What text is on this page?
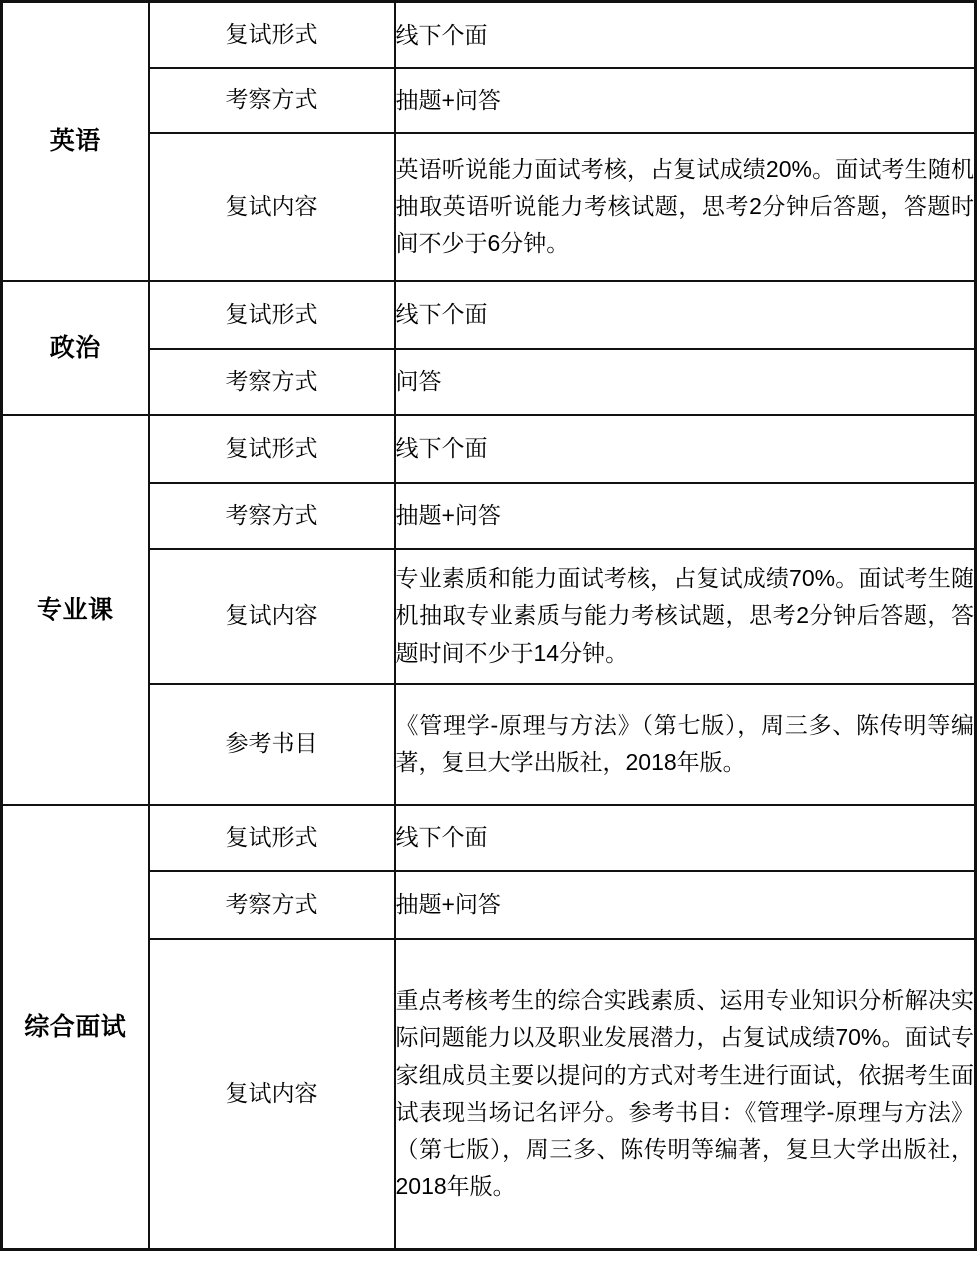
英语	复试形式	线下个面
	考察方式	抽题+问答
	复试内容	英语听说能力面试考核，占复试成绩20%。面试考生随机抽取英语听说能力考核试题，思考2分钟后答题，答题时间不少于6分钟。

政治	复试形式	线下个面
	考察方式	问答
专业课	复试形式	线下个面
	考察方式	抽题+问答
	复试内容	专业素质和能力面试考核，占复试成绩70%。面试考生随机抽取专业素质与能力考核试题，思考2分钟后答题，答题时间不少于14分钟。

	参考书目	《管理学-原理与方法》（第七版），周三多、陈传明等编著，复旦大学出版社，2018年版。

综合面试	复试形式	线下个面
	考察方式	抽题+问答
	复试内容	重点考核考生的综合实践素质、运用专业知识分析解决实际问题能力以及职业发展潜力，占复试成绩70%。面试专家组成员主要以提问的方式对考生进行面试，依据考生面试表现当场记名评分。参考书目：《管理学-原理与方法》（第七版），周三多、陈传明等编著，复旦大学出版社，2018年版。
